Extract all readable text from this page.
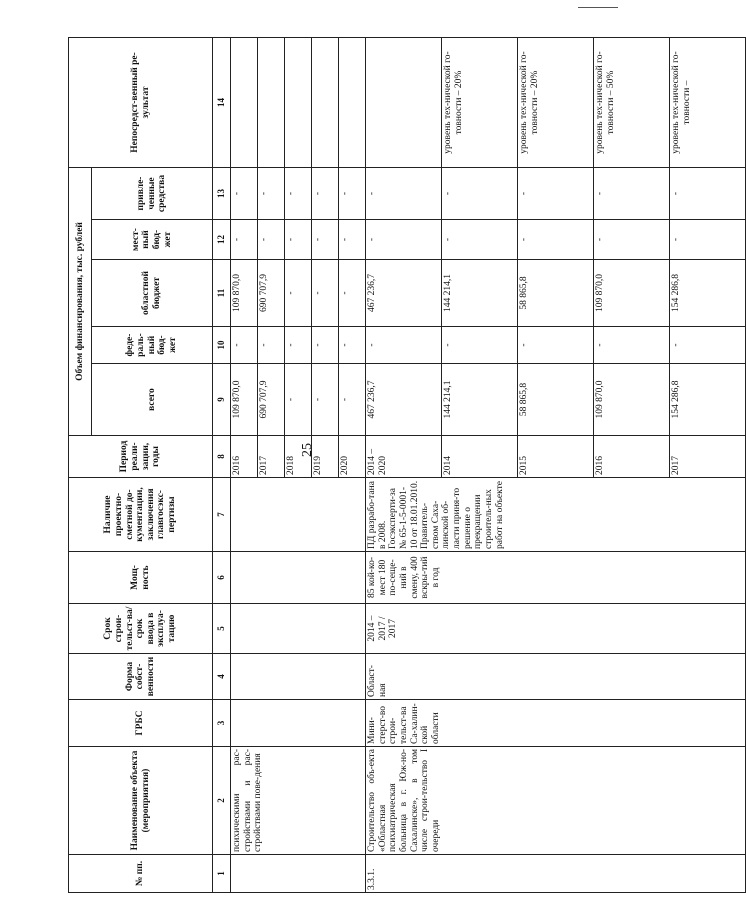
25
№ пп.	Наименование объекта (мероприятия)	ГРБС	Форма собст-венности	Срок строи-тельст-ва/срок ввода в эксплуа-тацию	Мощ-ность	Наличие проектно-сметной до-кументации, заключения главгосэкс-пертизы	Период реали-зации, годы	Объем финансирования, тыс. рублей					Непосредст-венный ре-зультат
								всего	феде-раль-ный бюд-жет	областной бюджет	мест-ный бюд-жет	привле-ченные средства	
1	2	3	4	5	6	7	8	9	10	11	12	13	14
	психическими рас-стройствами и рас-стройствами пове-дения						2016	109 870,0	-	109 870,0	-	-	
							2017	690 707,9	-	690 707,9	-	-	
							2018	-	-	-	-	-	
							2019	-	-	-	-	-	
							2020	-	-	-	-	-	
3.3.1.	Строительство объ-екта «Областная психиатрическая больница в г. Юж-но-Сахалинске», в том числе строи-тельство I очереди	Мини-стерст-во строи-тельст-ва Са-халин-ской области	Област-ная	2014 – 2017 / 2017	85 кой-ко-мест 180 по-сеще-ний в смену, 400 вскры-тий в год	ПД разрабо-тана в 2008. Госэксперти-за № 65-1-5-0001-10 от 18.01.2010. Правитель-ством Саха-линской об-ласти приня-то решение о прекращении строитель-ных работ на объекте	2014 – 2020	467 236,7	-	467 236,7	-	-	
							2014	144 214,1	-	144 214,1	-	-	уровень тех-нической го-товности – 20%
							2015	58 865,8	-	58 865,8	-	-	уровень тех-нической го-товности – 20%
							2016	109 870,0	-	109 870,0	-	-	уровень тех-нической го-товности – 50%
							2017	154 286,8	-	154 286,8	-	-	уровень тех-нической го-товности –
